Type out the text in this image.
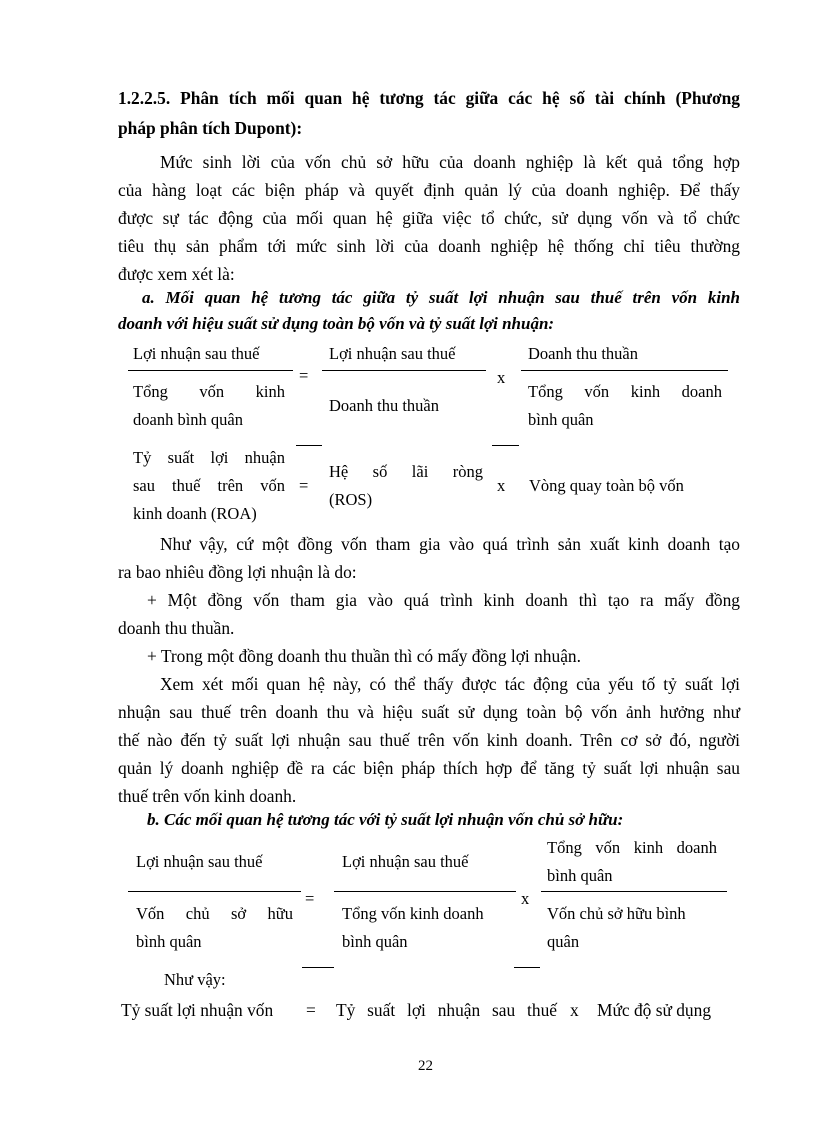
1.2.2.5. Phân tích mối quan hệ tương tác giữa các hệ số tài chính (Phương
pháp phân tích Dupont):
Mức sinh lời của vốn chủ sở hữu của doanh nghiệp là kết quả tổng hợp
của hàng loạt các biện pháp và quyết định quản lý của doanh nghiệp. Để thấy
được sự tác động của mối quan hệ giữa việc tổ chức, sử dụng vốn và tổ chức
tiêu thụ sản phẩm tới mức sinh lời của doanh nghiệp hệ thống chỉ tiêu thường
được xem xét là:
a. Mối quan hệ tương tác giữa tỷ suất lợi nhuận sau thuế trên vốn kinh
doanh với hiệu suất sử dụng toàn bộ vốn và tỷ suất lợi nhuận:
Lợi nhuận sau thuế
Tổng vốn kinh
doanh bình quân
=
Lợi nhuận sau thuế
Doanh thu thuần
x
Doanh thu thuần
Tổng vốn kinh doanh
bình quân
Tỷ suất lợi nhuận
sau thuế trên vốn
kinh doanh (ROA)
=
Hệ số lãi ròng
(ROS)
x Vòng quay toàn bộ vốn
Như vậy, cứ một đồng vốn tham gia vào quá trình sản xuất kinh doanh tạo
ra bao nhiêu đồng lợi nhuận là do:
+ Một đồng vốn tham gia vào quá trình kinh doanh thì tạo ra mấy đồng
doanh thu thuần.
+ Trong một đồng doanh thu thuần thì có mấy đồng lợi nhuận.
Xem xét mối quan hệ này, có thể thấy được tác động của yếu tố tỷ suất lợi
nhuận sau thuế trên doanh thu và hiệu suất sử dụng toàn bộ vốn ảnh hưởng như
thế nào đến tỷ suất lợi nhuận sau thuế trên vốn kinh doanh. Trên cơ sở đó, người
quản lý doanh nghiệp đề ra các biện pháp thích hợp để tăng tỷ suất lợi nhuận sau
thuế trên vốn kinh doanh.
b. Các mối quan hệ tương tác với tỷ suất lợi nhuận vốn chủ sở hữu:
Lợi nhuận sau thuế
Vốn chủ sở hữu
bình quân
=
Lợi nhuận sau thuế
Tổng vốn kinh doanh
bình quân
x
Tổng vốn kinh doanh
bình quân
Vốn chủ sở hữu bình
quân
Như vậy:
Tỷ suất lợi nhuận vốn = Tỷ suất lợi nhuận sau thuế x Mức độ sử dụng
22
